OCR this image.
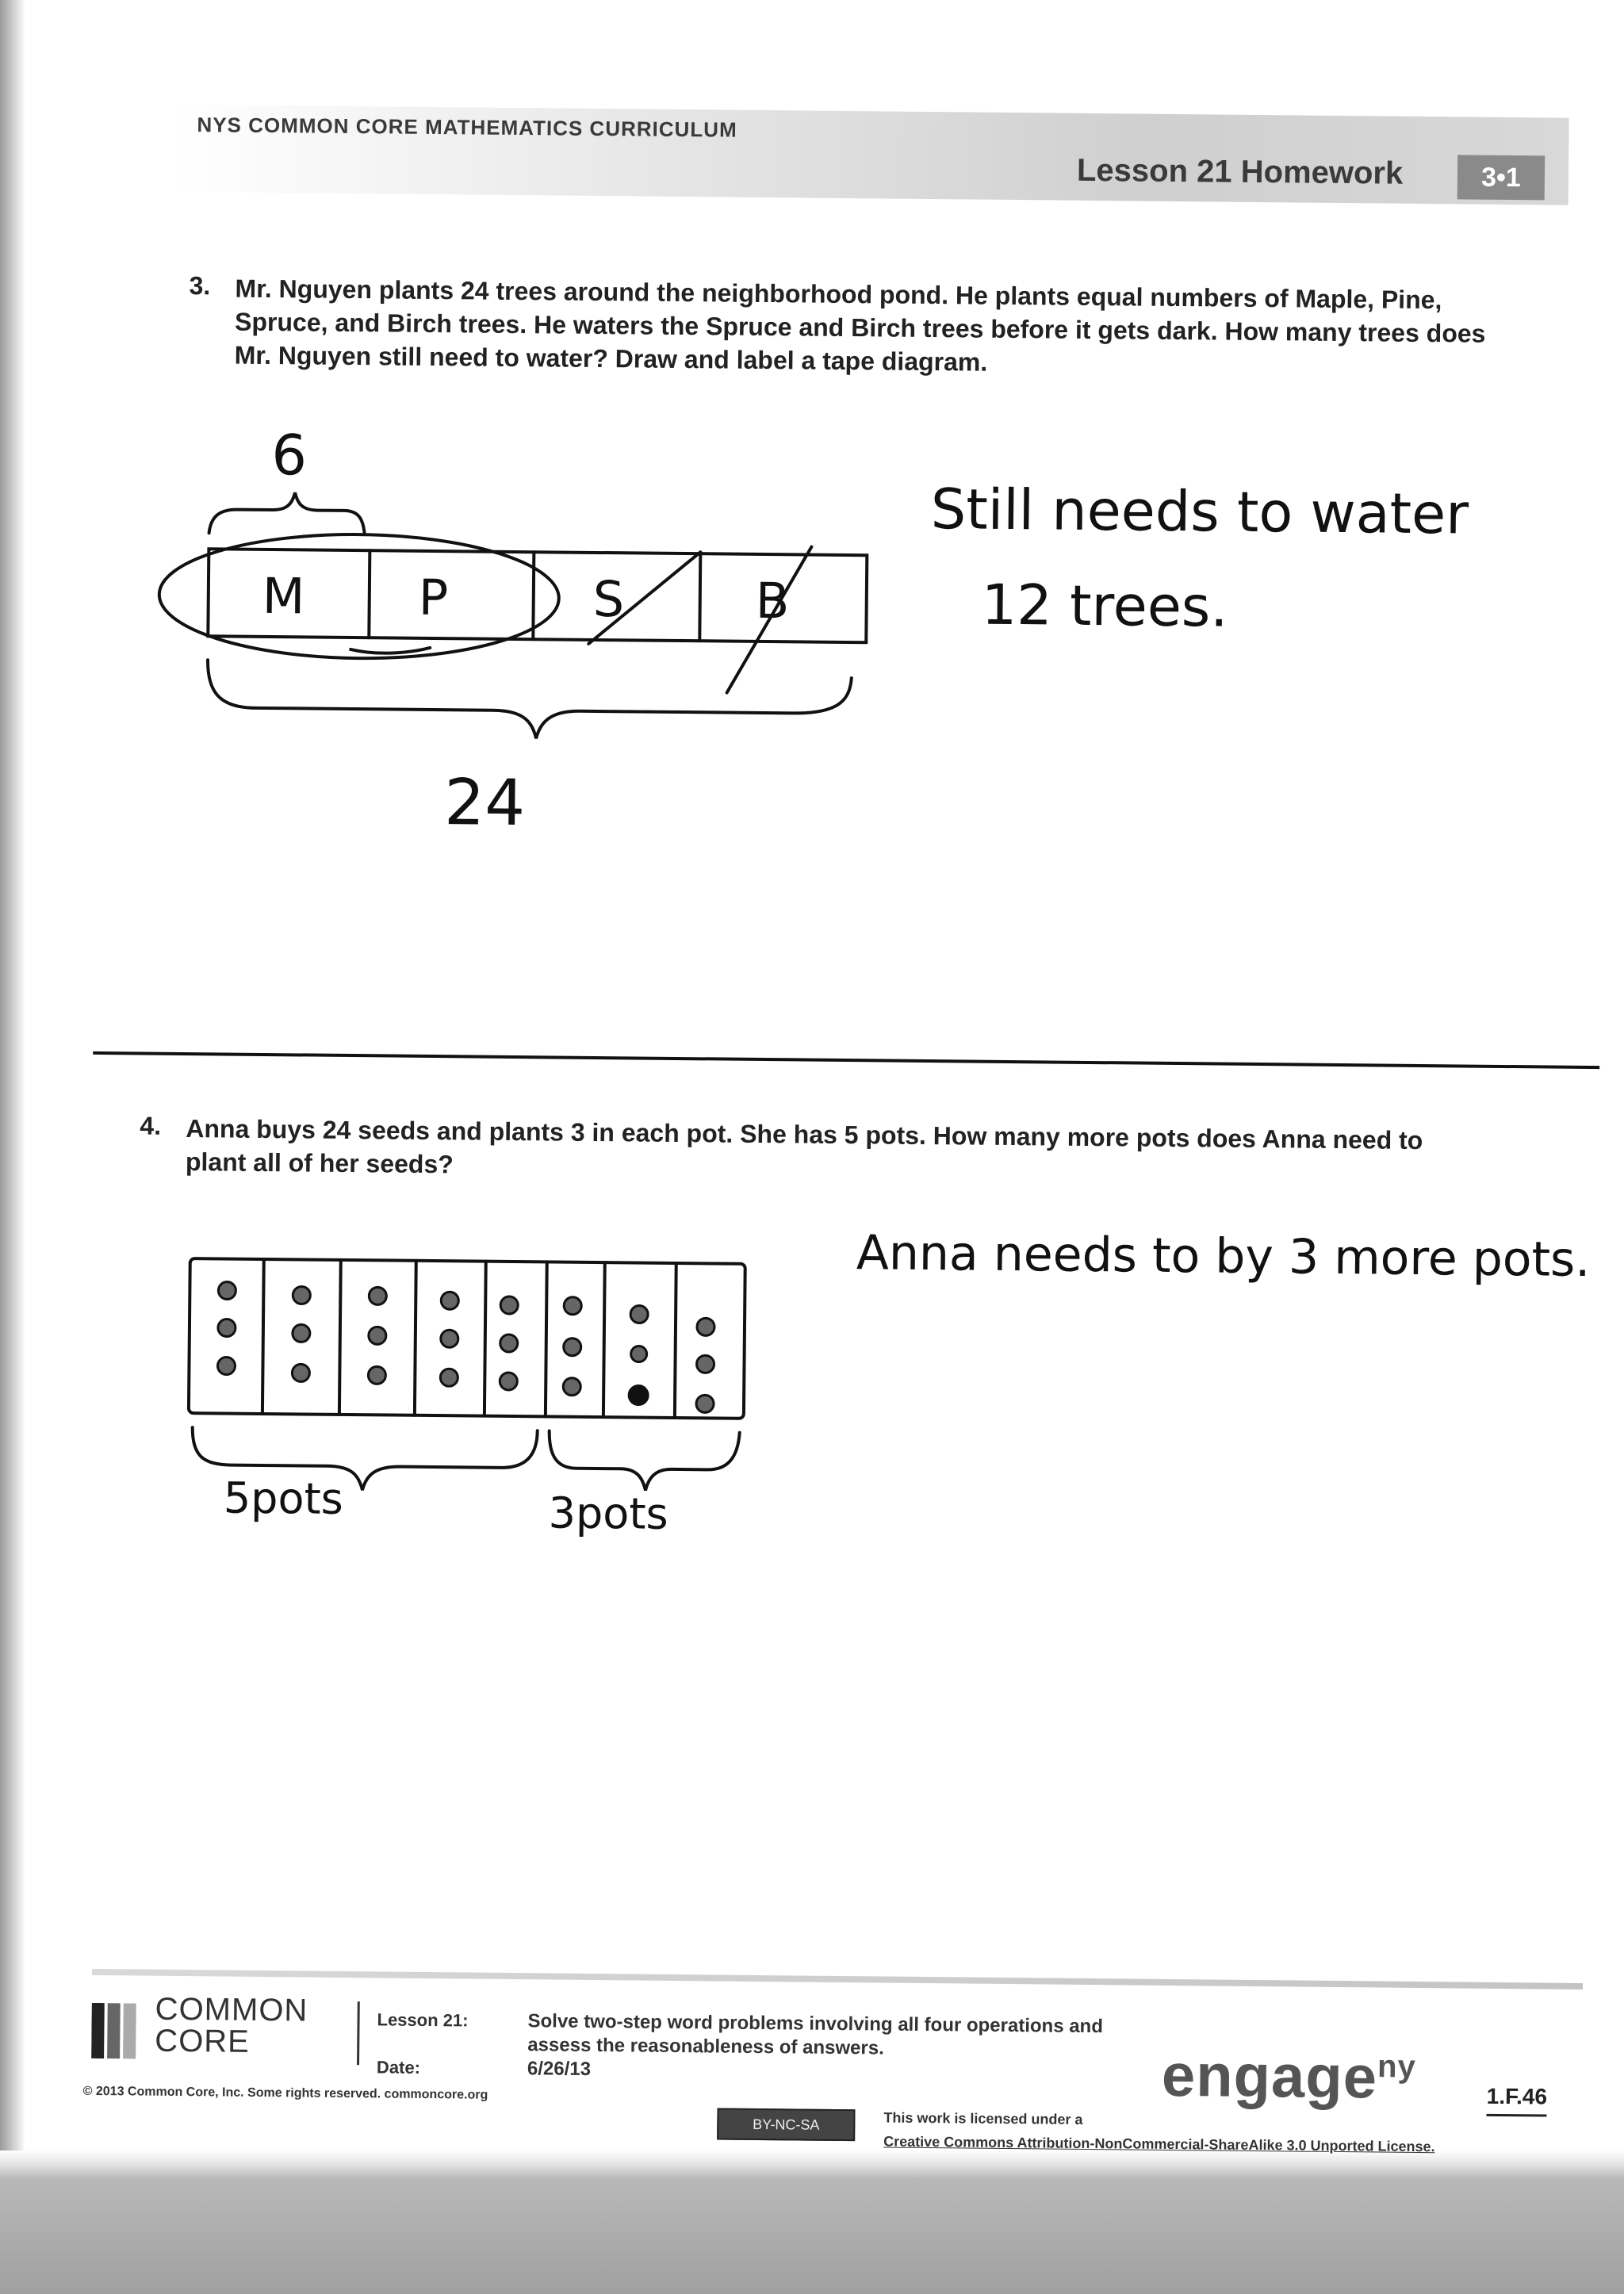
NYS COMMON CORE MATHEMATICS CURRICULUM
Lesson 21 Homework	3•1
3. Mr. Nguyen plants 24 trees around the neighborhood pond. He plants equal numbers of Maple, Pine,
Spruce, and Birch trees. He waters the Spruce and Birch trees before it gets dark. How many trees does
Mr. Nguyen still need to water? Draw and label a tape diagram.
6
M P	S	B
24
Still needs to water
12 trees.
4. Anna buys 24 seeds and plants 3 in each pot. She has 5 pots. How many more pots does Anna need to
plant all of her seeds?
5pots	3pots
Anna needs to by 3 more pots.
COMMON
CORE
Lesson 21:
Date:
Solve two-step word problems involving all four operations and
assess the reasonableness of answers.
6/26/13
© 2013 Common Core, Inc. Some rights reserved. commoncore.org	engage$^{ny}$
1.F.46
BY-NC-SA	This work is licensed under a
Creative Commons Attribution-NonCommercial-ShareAlike 3.0 Unported License.
